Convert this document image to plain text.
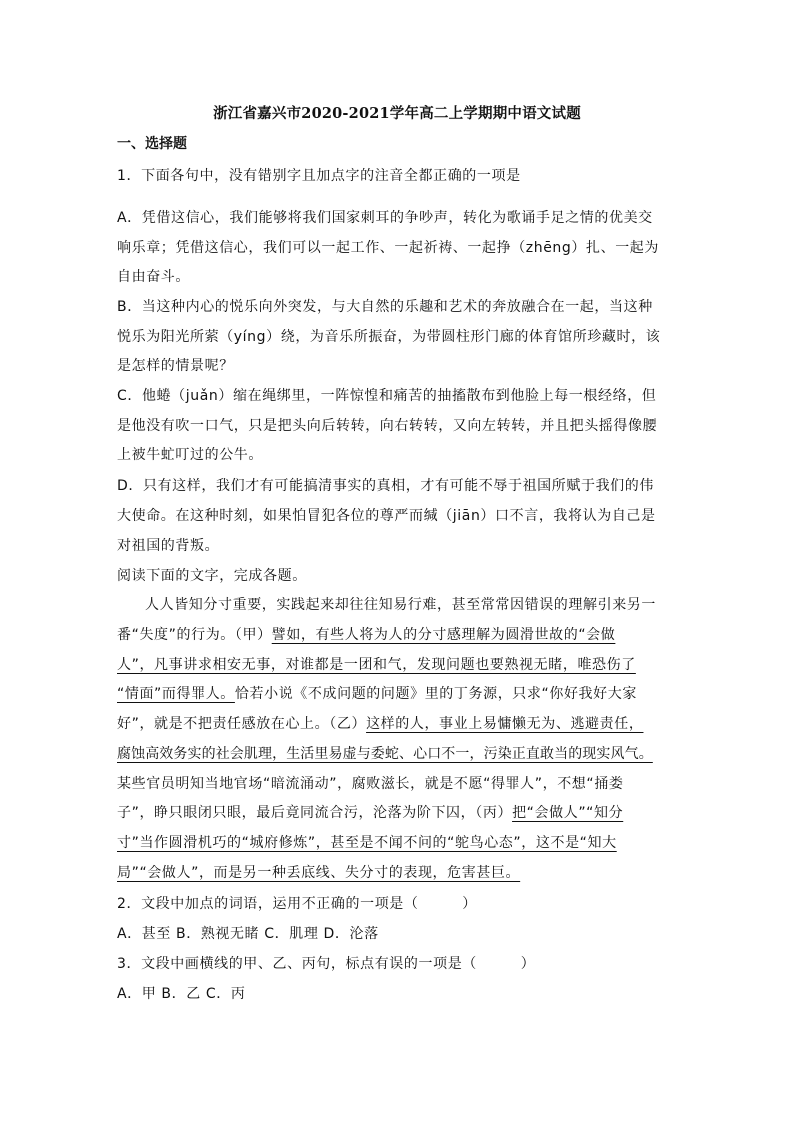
浙江省嘉兴市2020-2021学年高二上学期期中语文试题
一、选择题
1．下面各句中，没有错别字且加点字的注音全都正确的一项是
A．凭借这信心，我们能够将我们国家刺耳的争吵声，转化为歌诵手足之情的优美交
响乐章；凭借这信心，我们可以一起工作、一起祈祷、一起挣（zhēng）扎、一起为
自由奋斗。
B．当这种内心的悦乐向外突发，与大自然的乐趣和艺术的奔放融合在一起，当这种
悦乐为阳光所萦（yíng）绕，为音乐所振奋，为带圆柱形门廊的体育馆所珍藏时，该
是怎样的情景呢？
C．他蜷（juǎn）缩在绳绑里，一阵惊惶和痛苦的抽搐散布到他脸上每一根经络，但
是他没有吹一口气，只是把头向后转转，向右转转，又向左转转，并且把头摇得像腰
上被牛虻叮过的公牛。
D．只有这样，我们才有可能搞清事实的真相，才有可能不辱于祖国所赋于我们的伟
大使命。在这种时刻，如果怕冒犯各位的尊严而缄（jiān）口不言，我将认为自己是
对祖国的背叛。
阅读下面的文字，完成各题。
人人皆知分寸重要，实践起来却往往知易行难，甚至常常因错误的理解引来另一
番“失度”的行为。（甲）譬如，有些人将为人的分寸感理解为圆滑世故的“会做
人”，凡事讲求相安无事，对谁都是一团和气，发现问题也要熟视无睹，唯恐伤了
“情面”而得罪人。恰若小说《不成问题的问题》里的丁务源，只求“你好我好大家
好”，就是不把责任感放在心上。（乙）这样的人，事业上易慵懒无为、逃避责任，
腐蚀高效务实的社会肌理，生活里易虚与委蛇、心口不一，污染正直敢当的现实风气。
某些官员明知当地官场“暗流涌动”，腐败滋长，就是不愿“得罪人”，不想“捅娄
子”，睁只眼闭只眼，最后竟同流合污，沦落为阶下囚，（丙）把“会做人”“知分
寸”当作圆滑机巧的“城府修炼”，甚至是不闻不问的“鸵鸟心态”，这不是“知大
局”“会做人”，而是另一种丢底线、失分寸的表现，危害甚巨。
2．文段中加点的词语，运用不正确的一项是（　　　）
A．甚至 B．熟视无睹 C．肌理 D．沦落
3．文段中画横线的甲、乙、丙句，标点有误的一项是（　　　）
A．甲 B．乙 C．丙
